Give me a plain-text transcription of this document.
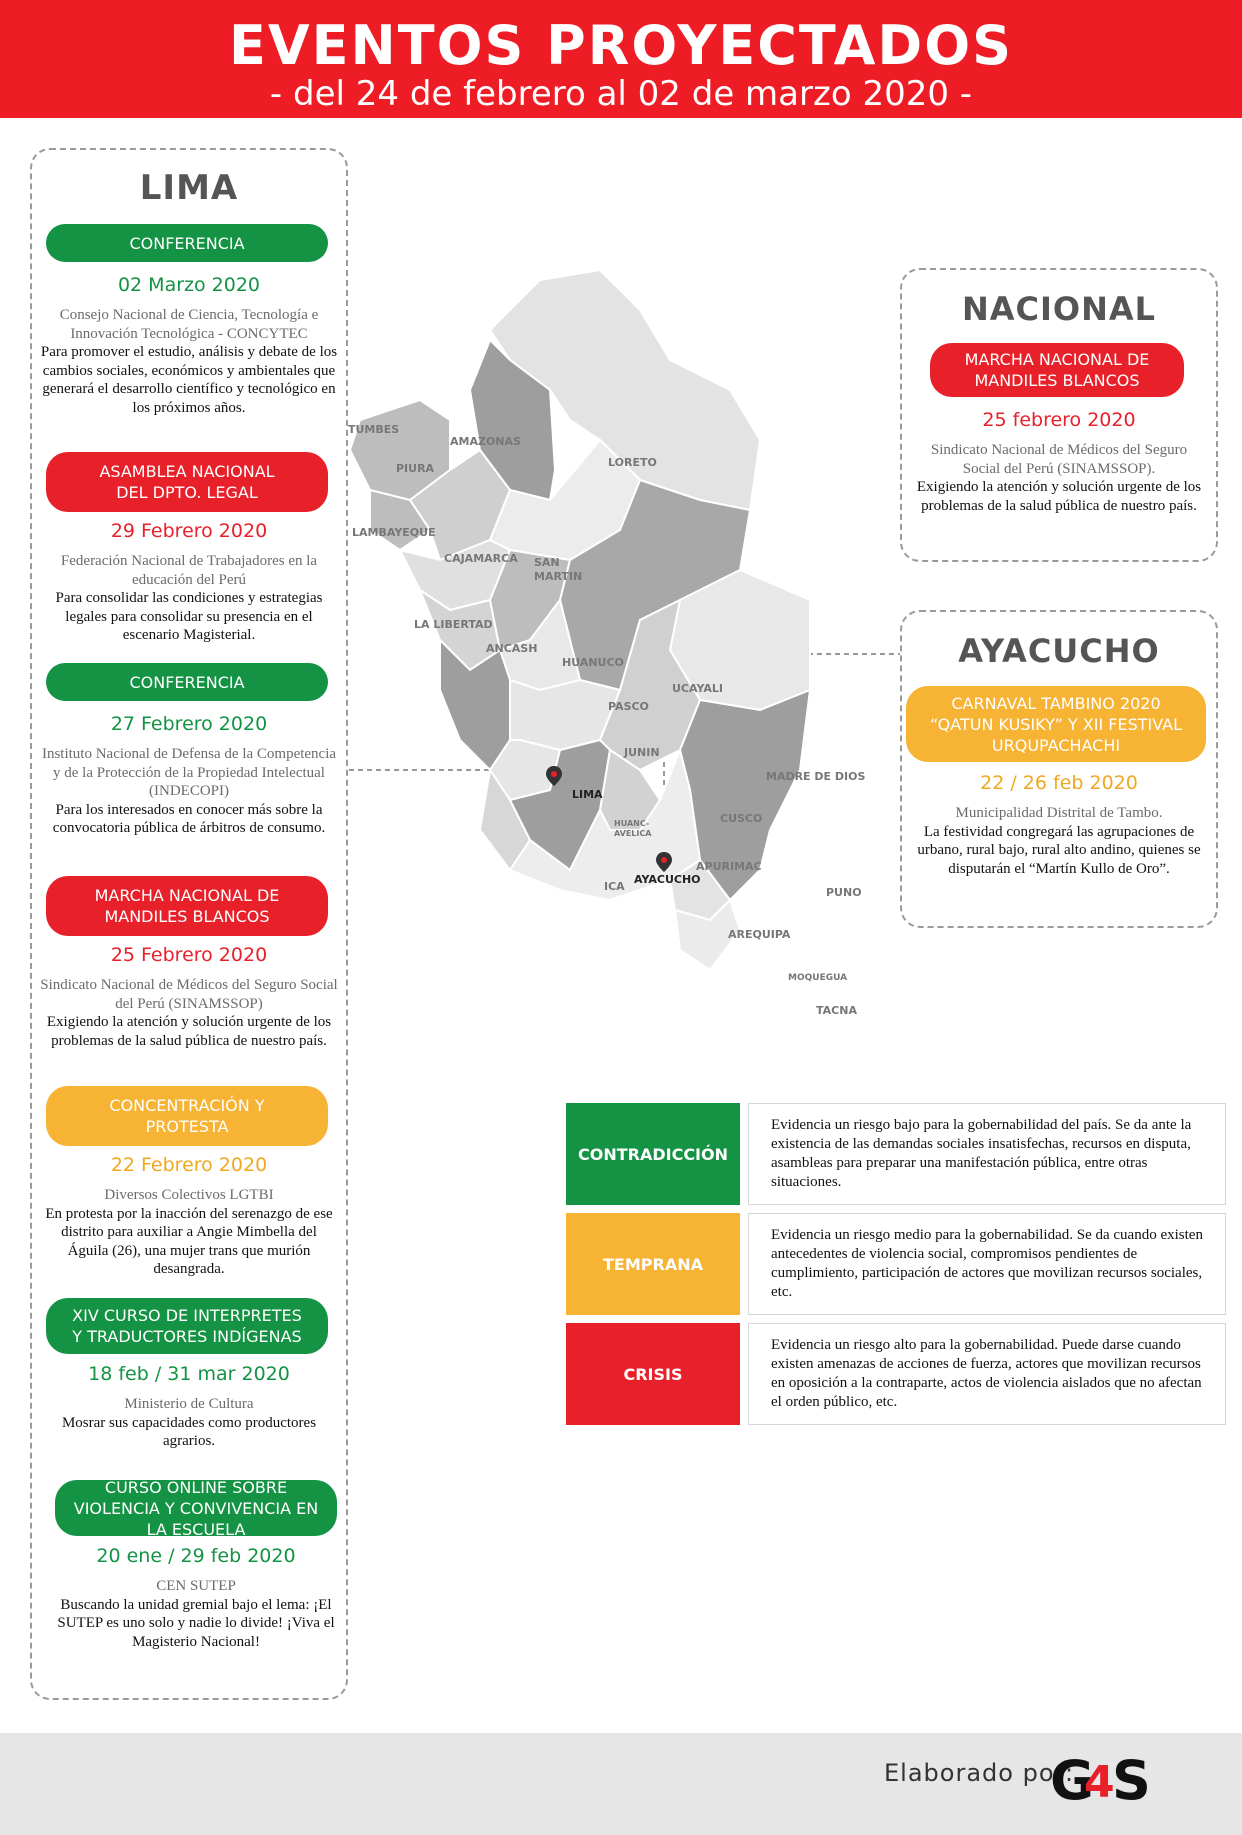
EVENTOS PROYECTADOS
- del 24 de febrero al 02 de marzo 2020 -
LIMA
CONFERENCIA
02 Marzo 2020
Consejo Nacional de Ciencia, Tecnología e Innovación Tecnológica - CONCYTEC
Para promover el estudio, análisis y debate de los cambios sociales, económicos y ambientales que generará el desarrollo científico y tecnológico en los próximos años.
ASAMBLEA NACIONAL DEL DPTO. LEGAL
29 Febrero 2020
Federación Nacional de Trabajadores en la educación del Perú
Para consolidar las condiciones y estrategias legales para consolidar su presencia en el escenario Magisterial.
CONFERENCIA
27 Febrero 2020
Instituto Nacional de Defensa de la Competencia y de la Protección de la Propiedad Intelectual (INDECOPI)
Para los interesados en conocer más sobre la convocatoria pública de árbitros de consumo.
MARCHA NACIONAL DE MANDILES BLANCOS
25 Febrero 2020
Sindicato Nacional de Médicos del Seguro Social del Perú (SINAMSSOP)
Exigiendo la atención y solución urgente de los problemas de la salud pública de nuestro país.
CONCENTRACIÓN Y PROTESTA
22 Febrero 2020
Diversos Colectivos LGTBI
En protesta por la inacción del serenazgo de ese distrito para auxiliar a Angie Mimbella del Águila (26), una mujer trans que murión desangrada.
XIV CURSO DE INTERPRETES Y TRADUCTORES INDÍGENAS
18 feb / 31 mar 2020
Ministerio de Cultura
Mosrar sus capacidades como productores agrarios.
CURSO ONLINE SOBRE VIOLENCIA Y CONVIVENCIA EN LA ESCUELA
20 ene / 29 feb 2020
CEN SUTEP
Buscando la unidad gremial bajo el lema: ¡El SUTEP es uno solo y nadie lo divide! ¡Viva el Magisterio Nacional!
TUMBES
AMAZONAS
PIURA	LORETO
LAMBAYEQUE
CAJAMARCA SAN
MARTIN
LA LIBERTAD
ANCASH
HUANUCO
UCAYALI
PASCO
JUNIN
MADRE DE DIOS
LIMA
HUANC-
AVELICA
CUSCO
AYACUCHO
APURIMAC
ICA	PUNO
AREQUIPA
MOQUEGUA
TACNA
NACIONAL
MARCHA NACIONAL DE MANDILES BLANCOS
25 febrero 2020
Sindicato Nacional de Médicos del Seguro Social del Perú (SINAMSSOP).
Exigiendo la atención y solución urgente de los problemas de la salud pública de nuestro país.
AYACUCHO
CARNAVAL TAMBINO 2020 “QATUN KUSIKY” Y XII FESTIVAL URQUPACHACHI
22 / 26 feb 2020
Municipalidad Distrital de Tambo.
La festividad congregará las agrupaciones de urbano, rural bajo, rural alto andino, quienes se disputarán el “Martín Kullo de Oro”.
CONTRADICCIÓN
Evidencia un riesgo bajo para la gobernabilidad del país. Se da ante la existencia de las demandas sociales insatisfechas, recursos en disputa, asambleas para preparar una manifestación pública, entre otras situaciones.
TEMPRANA
Evidencia un riesgo medio para la gobernabilidad. Se da cuando existen antecedentes de violencia social, compromisos pendientes de cumplimiento, participación de actores que movilizan recursos sociales, etc.
CRISIS
Evidencia un riesgo alto para la gobernabilidad. Puede darse cuando existen amenazas de acciones de fuerza, actores que movilizan recursos en oposición a la contraparte, actos de violencia aislados que no afectan el orden público, etc.
Elaborado por:
G
4
S
